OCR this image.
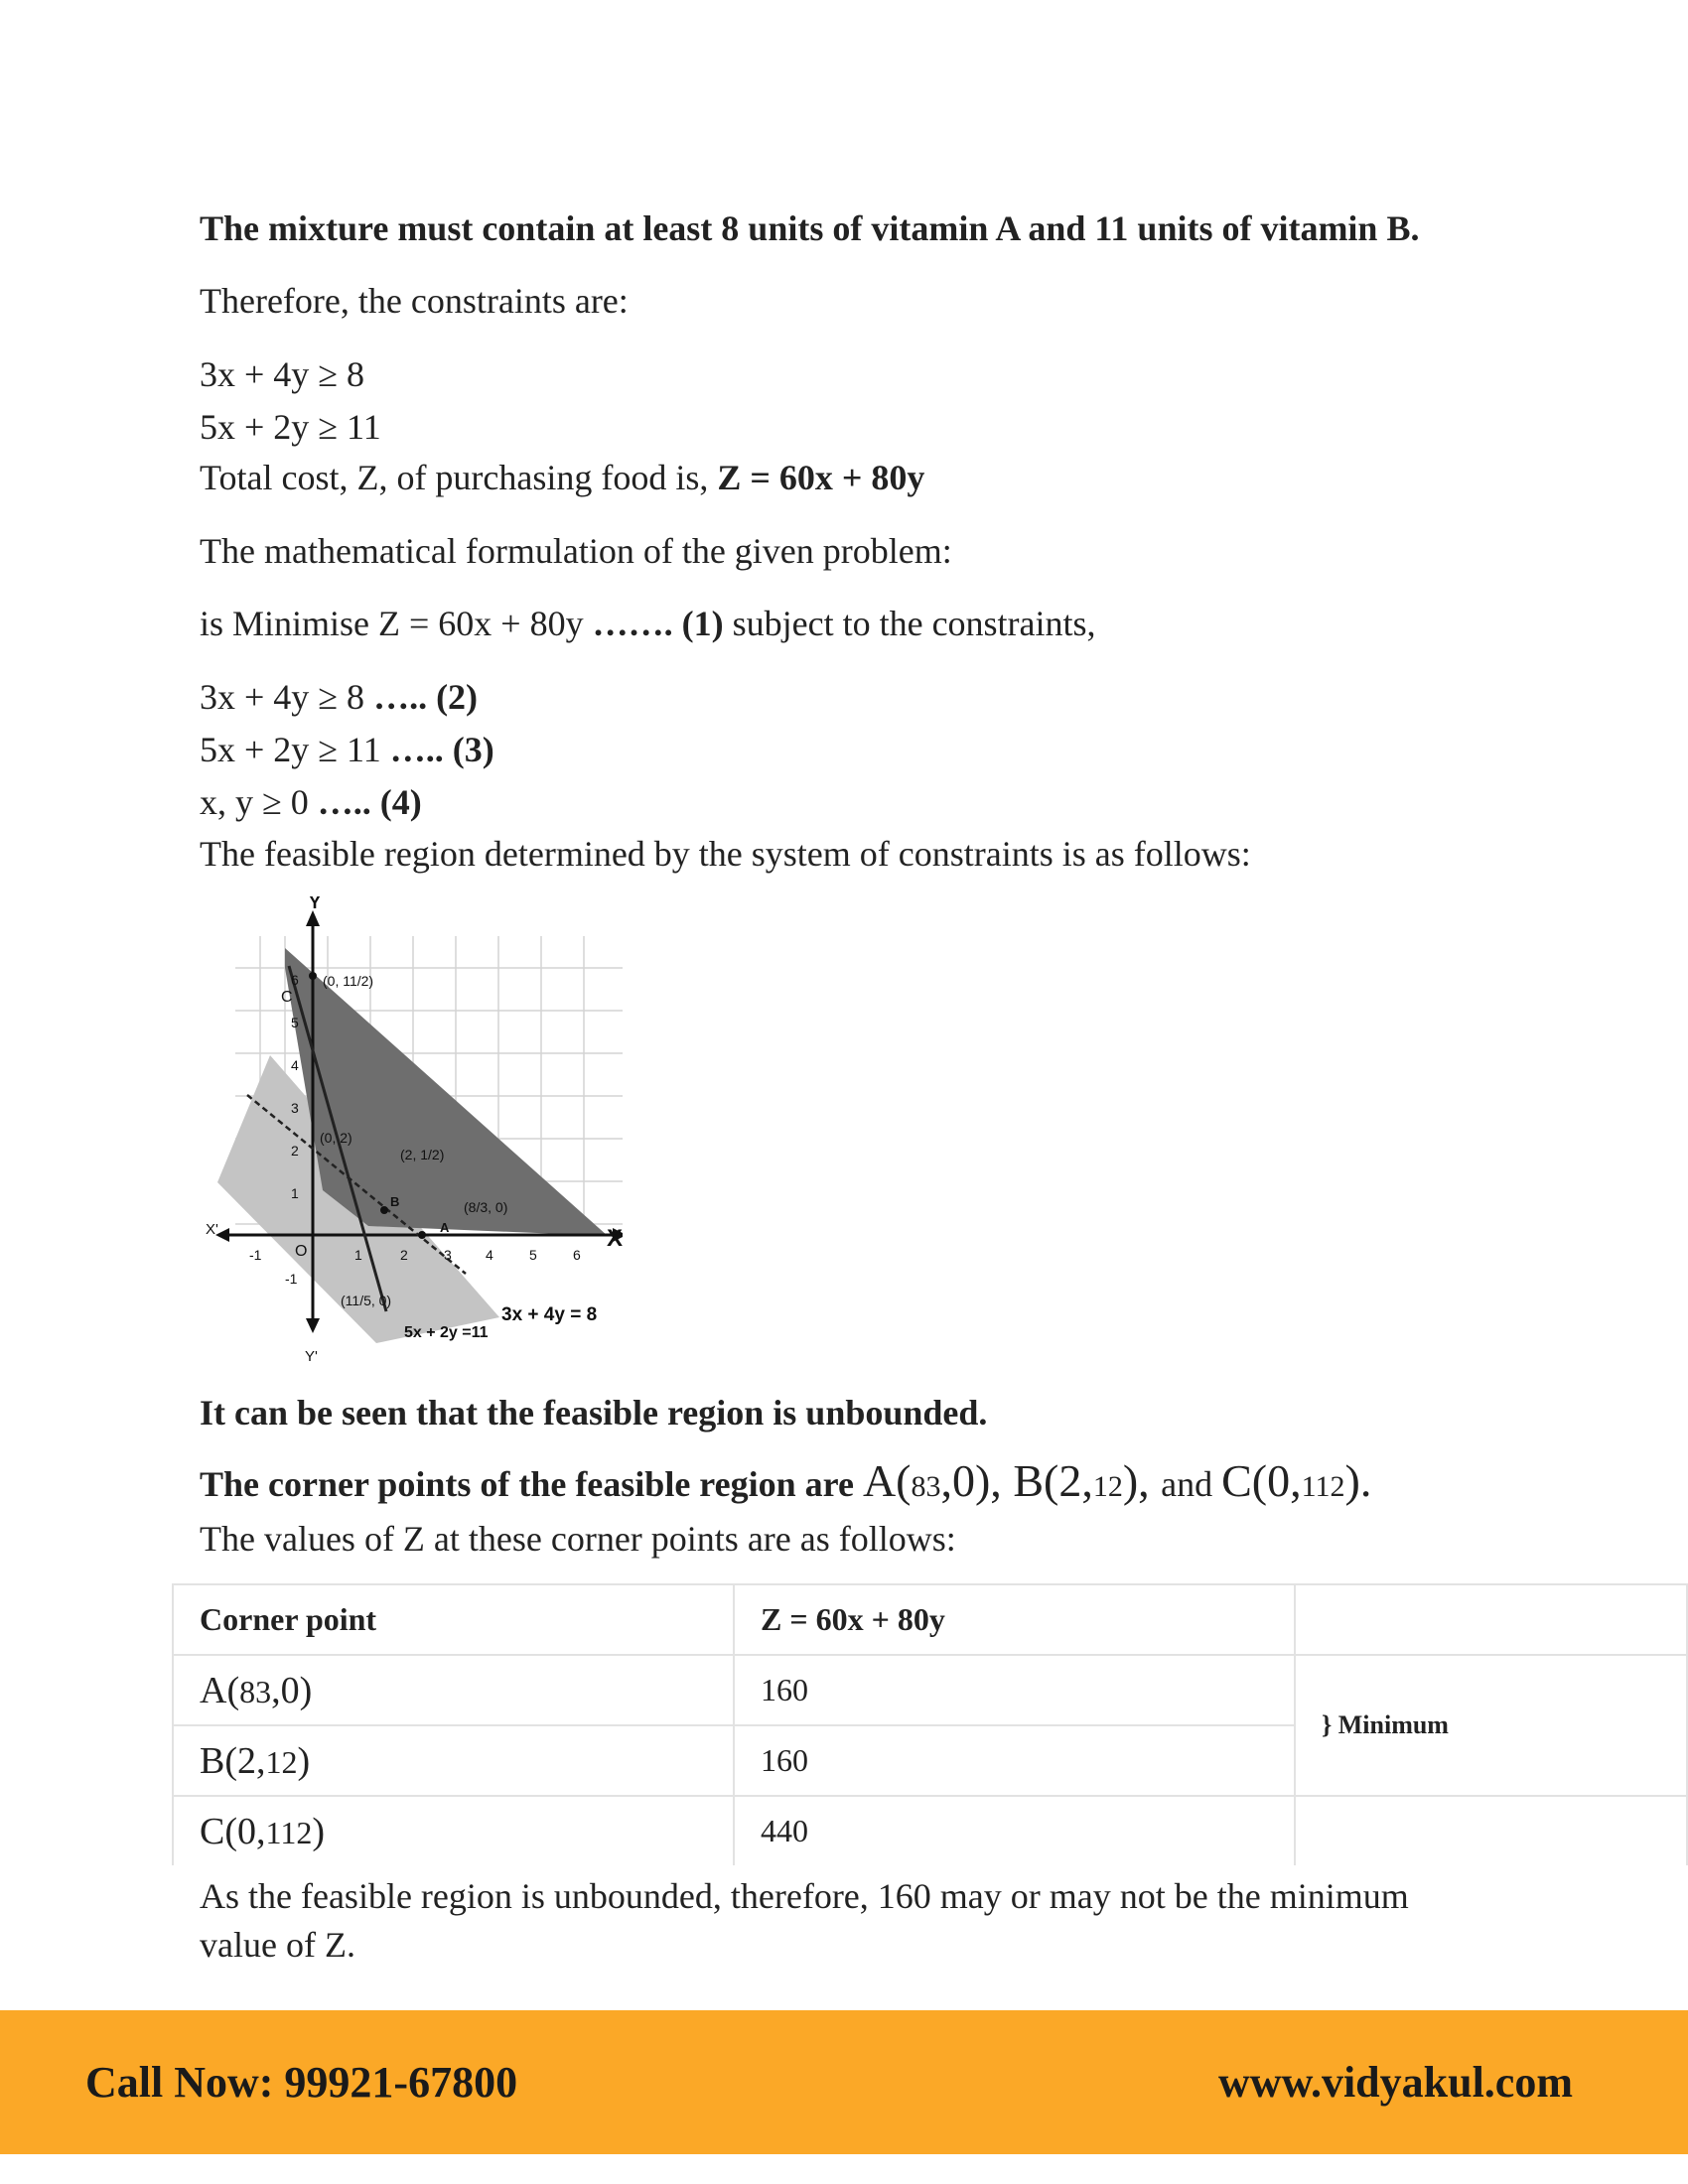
The mixture must contain at least 8 units of vitamin A and 11 units of vitamin B.
Therefore, the constraints are:
3x + 4y ≥ 8
5x + 2y ≥ 11
Total cost, Z, of purchasing food is, Z = 60x + 80y
The mathematical formulation of the given problem:
is Minimise Z = 60x + 80y ……. (1) subject to the constraints,
3x + 4y ≥ 8 ….. (2)
5x + 2y ≥ 11 ….. (3)
x, y ≥ 0 ….. (4)
The feasible region determined by the system of constraints is as follows:
It can be seen that the feasible region is unbounded.
The corner points of the feasible region are A(83,0), B(2,12), and C(0,112).
The values of Z at these corner points are as follows:
As the feasible region is unbounded, therefore, 160 may or may not be the minimum
value of Z.
Y
Y'
X
X'
O
-1	1	2	3 4	5	6
-1
1
2
3
4
5
6
C
B
A
(0, 11/2)
(0, 2)
(2, 1/2)
(8/3, 0)
(11/5, 0)
3x + 4y = 8
5x + 2y =11
Corner point	Z = 60x + 80y	
A(83,0)	160	} Minimum
B(2,12)	160	
C(0,112)	440	
Call Now: 99921-67800	www.vidyakul.com
